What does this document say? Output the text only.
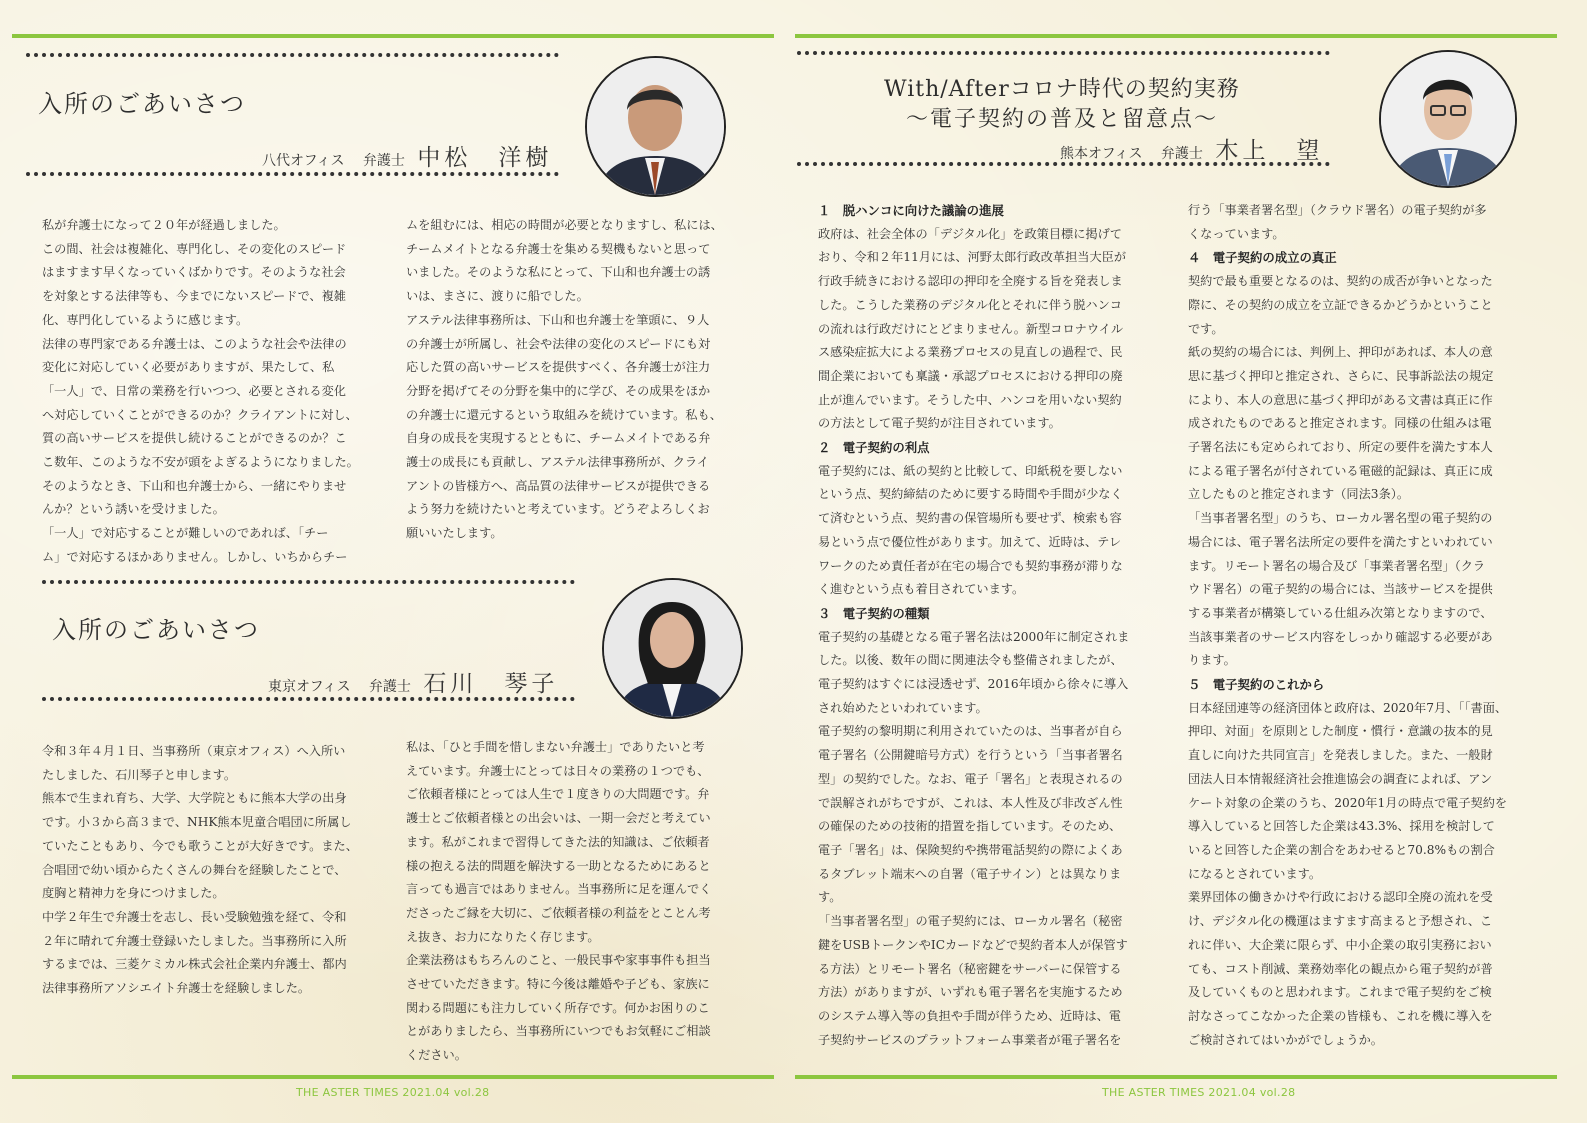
THE ASTER TIMES 2021.04 vol.28
入所のごあいさつ
八代オフィス 弁護士 中松　洋樹

私が弁護士になって２０年が経過しました。

この間、社会は複雑化、専門化し、その変化のスピード

はますます早くなっていくばかりです。そのような社会

を対象とする法律等も、今までにないスピードで、複雑

化、専門化しているように感じます。

法律の専門家である弁護士は、このような社会や法律の

変化に対応していく必要がありますが、果たして、私

「一人」で、日常の業務を行いつつ、必要とされる変化

へ対応していくことができるのか？クライアントに対し、

質の高いサービスを提供し続けることができるのか？こ

こ数年、このような不安が頭をよぎるようになりました。

そのようなとき、下山和也弁護士から、一緒にやりませ

んか？という誘いを受けました。

「一人」で対応することが難しいのであれば、「チー

ム」で対応するほかありません。しかし、いちからチー

ムを組むには、相応の時間が必要となりますし、私には、

チームメイトとなる弁護士を集める契機もないと思って

いました。そのような私にとって、下山和也弁護士の誘

いは、まさに、渡りに船でした。

アステル法律事務所は、下山和也弁護士を筆頭に、９人

の弁護士が所属し、社会や法律の変化のスピードにも対

応した質の高いサービスを提供すべく、各弁護士が注力

分野を掲げてその分野を集中的に学び、その成果をほか

の弁護士に還元するという取組みを続けています。私も、

自身の成長を実現するとともに、チームメイトである弁

護士の成長にも貢献し、アステル法律事務所が、クライ

アントの皆様方へ、高品質の法律サービスが提供できる

よう努力を続けたいと考えています。どうぞよろしくお

願いいたします。

入所のごあいさつ
東京オフィス 弁護士 石川　琴子

令和３年４月１日、当事務所（東京オフィス）へ入所い

たしました、石川琴子と申します。

熊本で生まれ育ち、大学、大学院ともに熊本大学の出身

です。小３から高３まで、NHK熊本児童合唱団に所属し

ていたこともあり、今でも歌うことが大好きです。また、

合唱団で幼い頃からたくさんの舞台を経験したことで、

度胸と精神力を身につけました。

中学２年生で弁護士を志し、長い受験勉強を経て、令和

２年に晴れて弁護士登録いたしました。当事務所に入所

するまでは、三菱ケミカル株式会社企業内弁護士、都内

法律事務所アソシエイト弁護士を経験しました。

私は、「ひと手間を惜しまない弁護士」でありたいと考

えています。弁護士にとっては日々の業務の１つでも、

ご依頼者様にとっては人生で１度きりの大問題です。弁

護士とご依頼者様との出会いは、一期一会だと考えてい

ます。私がこれまで習得してきた法的知識は、ご依頼者

様の抱える法的問題を解決する一助となるためにあると

言っても過言ではありません。当事務所に足を運んでく

ださったご縁を大切に、ご依頼者様の利益をとことん考

え抜き、お力になりたく存じます。

企業法務はもちろんのこと、一般民事や家事事件も担当

させていただきます。特に今後は離婚や子ども、家族に

関わる問題にも注力していく所存です。何かお困りのこ

とがありましたら、当事務所にいつでもお気軽にご相談

ください。

THE ASTER TIMES 2021.04 vol.28
With/Afterコロナ時代の契約実務
～電子契約の普及と留意点～
熊本オフィス 弁護士 木上　望
１　脱ハンコに向けた議論の進展

政府は、社会全体の「デジタル化」を政策目標に掲げて

おり、令和２年11月には、河野太郎行政改革担当大臣が

行政手続きにおける認印の押印を全廃する旨を発表しま

した。こうした業務のデジタル化とそれに伴う脱ハンコ

の流れは行政だけにとどまりません。新型コロナウイル

ス感染症拡大による業務プロセスの見直しの過程で、民

間企業においても稟議・承認プロセスにおける押印の廃

止が進んでいます。そうした中、ハンコを用いない契約

の方法として電子契約が注目されています。

２　電子契約の利点

電子契約には、紙の契約と比較して、印紙税を要しない

という点、契約締結のために要する時間や手間が少なく

て済むという点、契約書の保管場所も要せず、検索も容

易という点で優位性があります。加えて、近時は、テレ

ワークのため責任者が在宅の場合でも契約事務が滞りな

く進むという点も着目されています。

３　電子契約の種類

電子契約の基礎となる電子署名法は2000年に制定されま

した。以後、数年の間に関連法令も整備されましたが、

電子契約はすぐには浸透せず、2016年頃から徐々に導入

され始めたといわれています。

電子契約の黎明期に利用されていたのは、当事者が自ら

電子署名（公開鍵暗号方式）を行うという「当事者署名

型」の契約でした。なお、電子「署名」と表現されるの

で誤解されがちですが、これは、本人性及び非改ざん性

の確保のための技術的措置を指しています。そのため、

電子「署名」は、保険契約や携帯電話契約の際によくあ

るタブレット端末への自署（電子サイン）とは異なりま

す。

「当事者署名型」の電子契約には、ローカル署名（秘密

鍵をUSBトークンやICカードなどで契約者本人が保管す

る方法）とリモート署名（秘密鍵をサーバーに保管する

方法）がありますが、いずれも電子署名を実施するため

のシステム導入等の負担や手間が伴うため、近時は、電

子契約サービスのプラットフォーム事業者が電子署名を

行う「事業者署名型」（クラウド署名）の電子契約が多

くなっています。

４　電子契約の成立の真正

契約で最も重要となるのは、契約の成否が争いとなった

際に、その契約の成立を立証できるかどうかということ

です。

紙の契約の場合には、判例上、押印があれば、本人の意

思に基づく押印と推定され、さらに、民事訴訟法の規定

により、本人の意思に基づく押印がある文書は真正に作

成されたものであると推定されます。同様の仕組みは電

子署名法にも定められており、所定の要件を満たす本人

による電子署名が付されている電磁的記録は、真正に成

立したものと推定されます（同法3条）。

「当事者署名型」のうち、ローカル署名型の電子契約の

場合には、電子署名法所定の要件を満たすといわれてい

ます。リモート署名の場合及び「事業者署名型」（クラ

ウド署名）の電子契約の場合には、当該サービスを提供

する事業者が構築している仕組み次第となりますので、

当該事業者のサービス内容をしっかり確認する必要があ

ります。

５　電子契約のこれから

日本経団連等の経済団体と政府は、2020年7月、「「書面、

押印、対面」を原則とした制度・慣行・意識の抜本的見

直しに向けた共同宣言」を発表しました。また、一般財

団法人日本情報経済社会推進協会の調査によれば、アン

ケート対象の企業のうち、2020年1月の時点で電子契約を

導入していると回答した企業は43.3%、採用を検討して

いると回答した企業の割合をあわせると70.8%もの割合

になるとされています。

業界団体の働きかけや行政における認印全廃の流れを受

け、デジタル化の機運はますます高まると予想され、こ

れに伴い、大企業に限らず、中小企業の取引実務におい

ても、コスト削減、業務効率化の観点から電子契約が普

及していくものと思われます。これまで電子契約をご検

討なさってこなかった企業の皆様も、これを機に導入を

ご検討されてはいかがでしょうか。
